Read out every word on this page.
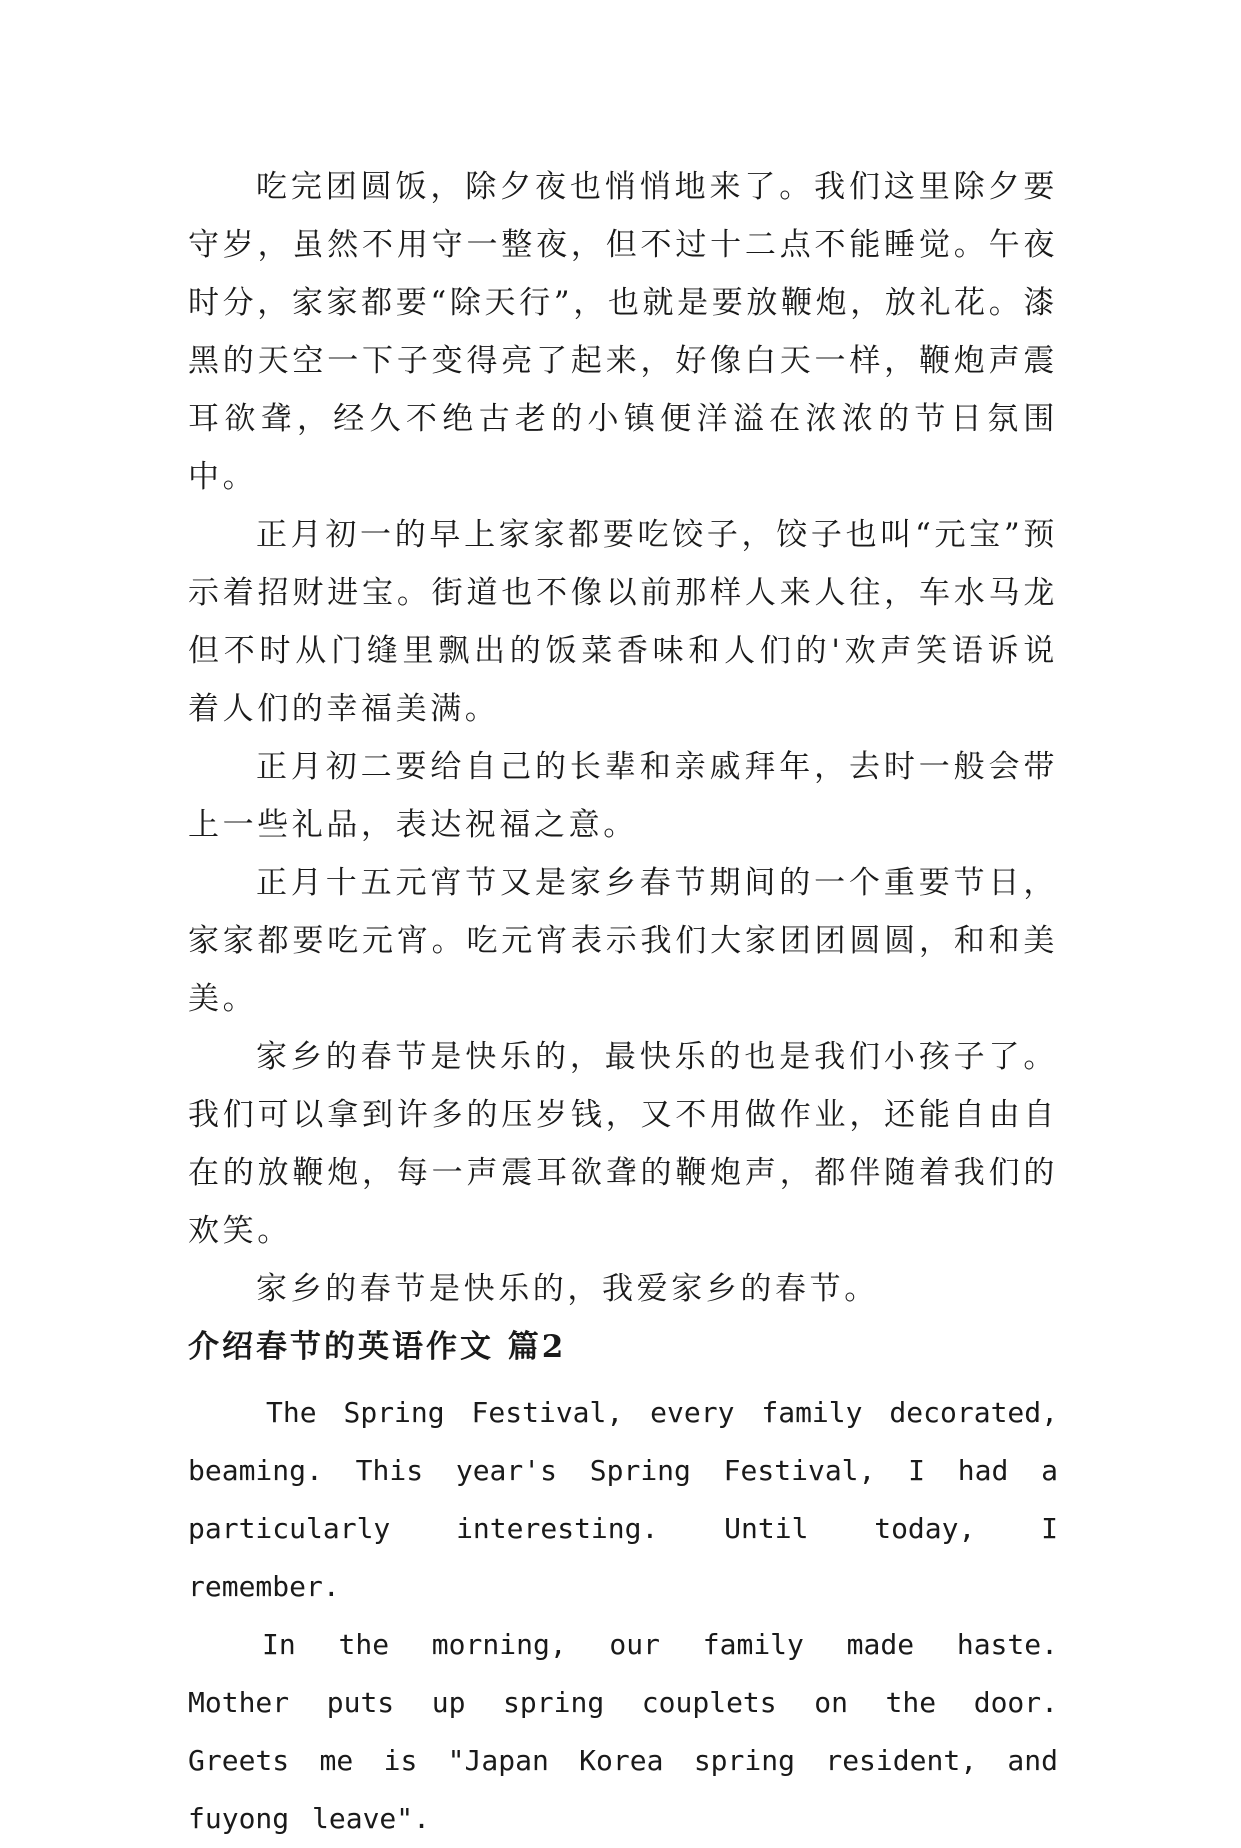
吃完团圆饭，除夕夜也悄悄地来了。我们这里除夕要守岁，虽然不用守一整夜，但不过十二点不能睡觉。午夜时分，家家都要“除天行”，也就是要放鞭炮，放礼花。漆黑的天空一下子变得亮了起来，好像白天一样，鞭炮声震耳欲聋，经久不绝古老的小镇便洋溢在浓浓的节日氛围中。

正月初一的早上家家都要吃饺子，饺子也叫“元宝”预示着招财进宝。街道也不像以前那样人来人往，车水马龙但不时从门缝里飘出的饭菜香味和人们的'欢声笑语诉说着人们的幸福美满。

正月初二要给自己的长辈和亲戚拜年，去时一般会带上一些礼品，表达祝福之意。

正月十五元宵节又是家乡春节期间的一个重要节日，家家都要吃元宵。吃元宵表示我们大家团团圆圆，和和美美。

家乡的春节是快乐的，最快乐的也是我们小孩子了。我们可以拿到许多的压岁钱，又不用做作业，还能自由自在的放鞭炮，每一声震耳欲聋的鞭炮声，都伴随着我们的欢笑。

家乡的春节是快乐的，我爱家乡的春节。

介绍春节的英语作文 篇2

The Spring Festival, every family decorated, beaming. This year's Spring Festival, I had a particularly interesting. Until today, I remember.

In the morning, our family made haste. Mother puts up spring couplets on the door. Greets me is "Japan Korea spring resident, and fuyong leave".
